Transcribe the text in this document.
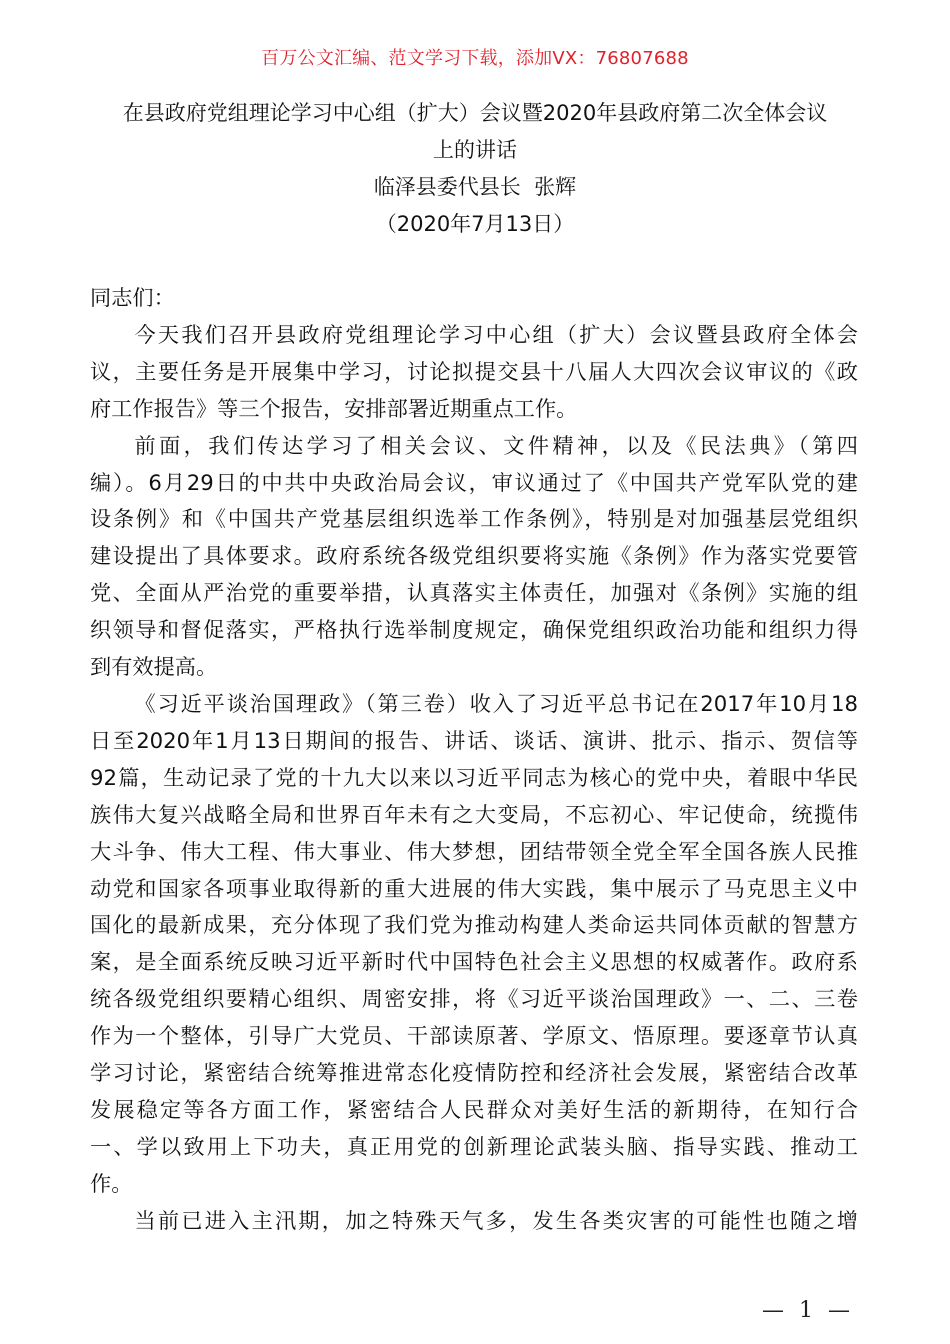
百万公文汇编、范文学习下载，添加VX：76807688
在县政府党组理论学习中心组（扩大）会议暨2020年县政府第二次全体会议
上的讲话
临泽县委代县长  张辉
（2020年7月13日）

同志们：

今天我们召开县政府党组理论学习中心组（扩大）会议暨县政府全体会
议，主要任务是开展集中学习，讨论拟提交县十八届人大四次会议审议的《政
府工作报告》等三个报告，安排部署近期重点工作。

前面，我们传达学习了相关会议、文件精神，以及《民法典》（第四
编）。6月29日的中共中央政治局会议，审议通过了《中国共产党军队党的建
设条例》和《中国共产党基层组织选举工作条例》，特别是对加强基层党组织
建设提出了具体要求。政府系统各级党组织要将实施《条例》作为落实党要管
党、全面从严治党的重要举措，认真落实主体责任，加强对《条例》实施的组
织领导和督促落实，严格执行选举制度规定，确保党组织政治功能和组织力得
到有效提高。

《习近平谈治国理政》（第三卷）收入了习近平总书记在2017年10月18
日至2020年1月13日期间的报告、讲话、谈话、演讲、批示、指示、贺信等
92篇，生动记录了党的十九大以来以习近平同志为核心的党中央，着眼中华民
族伟大复兴战略全局和世界百年未有之大变局，不忘初心、牢记使命，统揽伟
大斗争、伟大工程、伟大事业、伟大梦想，团结带领全党全军全国各族人民推
动党和国家各项事业取得新的重大进展的伟大实践，集中展示了马克思主义中
国化的最新成果，充分体现了我们党为推动构建人类命运共同体贡献的智慧方
案，是全面系统反映习近平新时代中国特色社会主义思想的权威著作。政府系
统各级党组织要精心组织、周密安排，将《习近平谈治国理政》一、二、三卷
作为一个整体，引导广大党员、干部读原著、学原文、悟原理。要逐章节认真
学习讨论，紧密结合统筹推进常态化疫情防控和经济社会发展，紧密结合改革
发展稳定等各方面工作，紧密结合人民群众对美好生活的新期待，在知行合
一、学以致用上下功夫，真正用党的创新理论武装头脑、指导实践、推动工
作。

当前已进入主汛期，加之特殊天气多，发生各类灾害的可能性也随之增

— 1 —
